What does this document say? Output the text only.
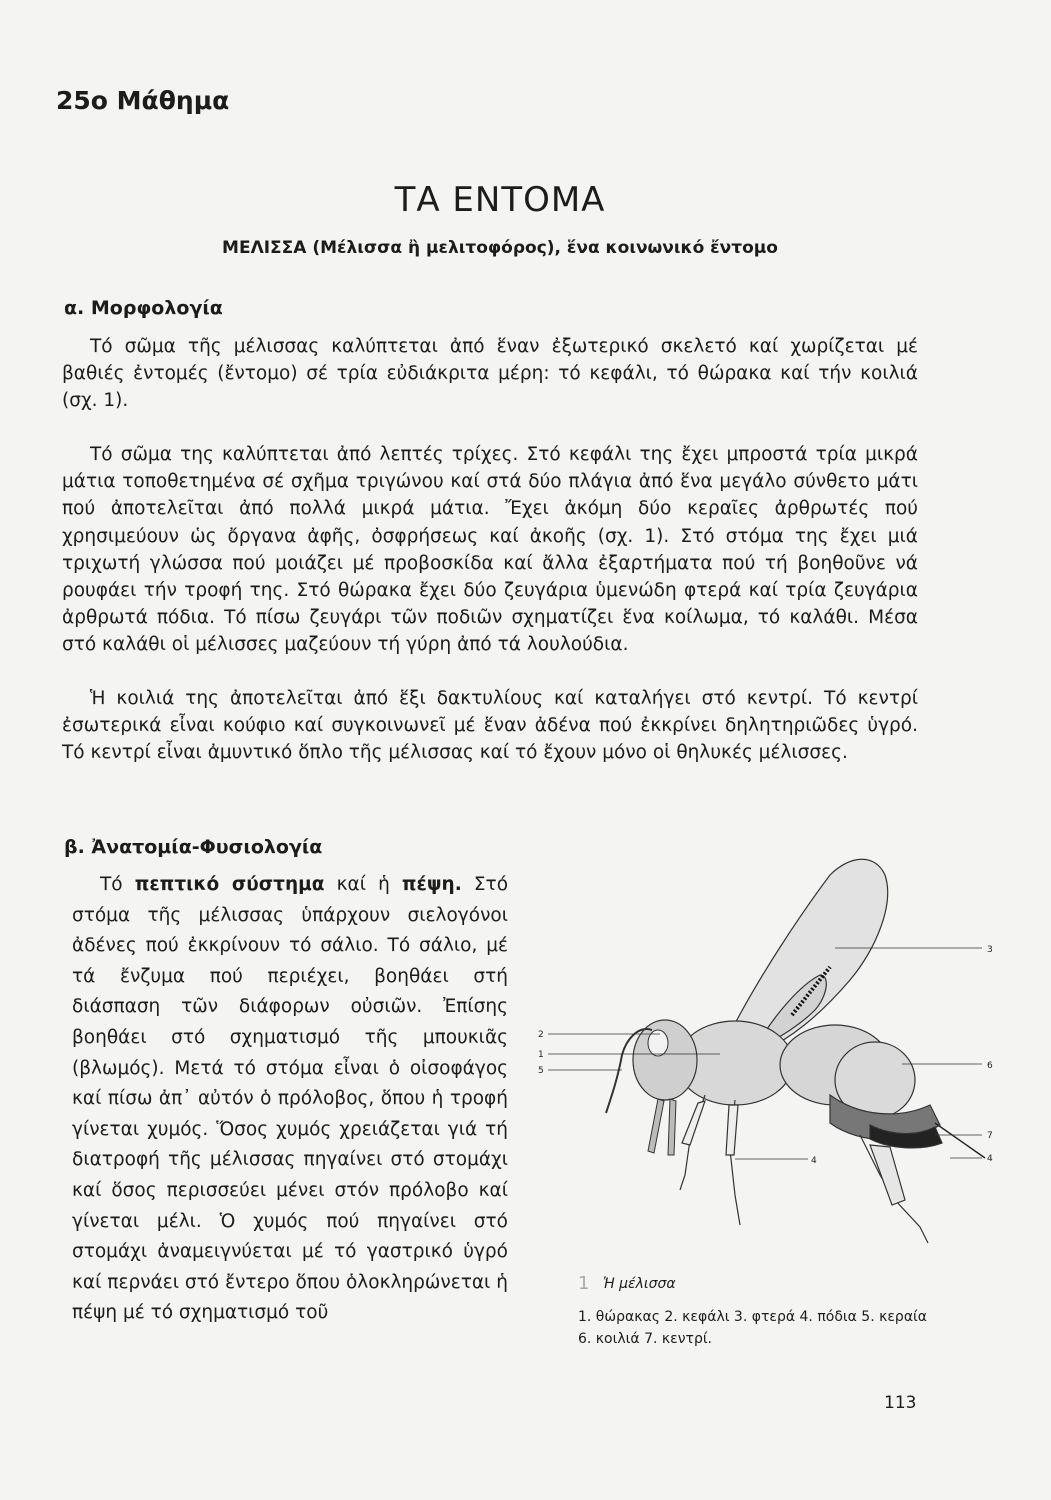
25ο Μάθημα
ΤΑ ΕΝΤΟΜΑ
ΜΕΛΙΣΣΑ (Μέλισσα ἢ μελιτοφόρος), ἕνα κοινωνικό ἔντομο
α. Μορφολογία

Τό σῶμα τῆς μέλισσας καλύπτεται ἀπό ἕναν ἐξωτερικό σκελετό καί χωρίζεται μέ βαθιές ἐντομές (ἔντομο) σέ τρία εὐδιάκριτα μέρη: τό κεφάλι, τό θώρακα καί τήν κοιλιά (σχ. 1).

Τό σῶμα της καλύπτεται ἀπό λεπτές τρίχες. Στό κεφάλι της ἔχει μπροστά τρία μικρά μάτια τοποθετημένα σέ σχῆμα τριγώνου καί στά δύο πλάγια ἀπό ἕνα μεγάλο σύνθετο μάτι πού ἀποτελεῖται ἀπό πολλά μικρά μάτια. Ἔχει ἀκόμη δύο κεραῖες ἀρθρωτές πού χρησιμεύουν ὡς ὄργανα ἀφῆς, ὀσφρήσεως καί ἀκοῆς (σχ. 1). Στό στόμα της ἔχει μιά τριχωτή γλώσσα πού μοιάζει μέ προβοσκίδα καί ἄλλα ἐξαρτήματα πού τή βοηθοῦνε νά ρουφάει τήν τροφή της. Στό θώρακα ἔχει δύο ζευγάρια ὑμενώδη φτερά καί τρία ζευγάρια ἀρθρωτά πόδια. Τό πίσω ζευγάρι τῶν ποδιῶν σχηματίζει ἕνα κοίλωμα, τό καλάθι. Μέσα στό καλάθι οἱ μέλισσες μαζεύουν τή γύρη ἀπό τά λουλούδια.

Ἡ κοιλιά της ἀποτελεῖται ἀπό ἕξι δακτυλίους καί καταλήγει στό κεντρί. Τό κεντρί ἐσωτερικά εἶναι κούφιο καί συγκοινωνεῖ μέ ἕναν ἀδένα πού ἐκκρίνει δηλητηριῶδες ὑγρό. Τό κεντρί εἶναι ἀμυντικό ὅπλο τῆς μέλισσας καί τό ἔχουν μόνο οἱ θηλυκές μέλισσες.

β. Ἀνατομία-Φυσιολογία

Τό πεπτικό σύστημα καί ἡ πέψη. Στό στόμα τῆς μέλισσας ὑπάρχουν σιελογόνοι ἀδένες πού ἐκκρίνουν τό σάλιο. Τό σάλιο, μέ τά ἔνζυμα πού περιέχει, βοηθάει στή διάσπαση τῶν διάφορων οὐσιῶν. Ἐπίσης βοηθάει στό σχηματισμό τῆς μπουκιᾶς (βλωμός). Μετά τό στόμα εἶναι ὁ οἰσοφάγος καί πίσω ἀπ᾽ αὐτόν ὁ πρόλοβος, ὅπου ἡ τροφή γίνεται χυμός. Ὅσος χυμός χρειάζεται γιά τή διατροφή τῆς μέλισσας πηγαίνει στό στομάχι καί ὅσος περισσεύει μένει στόν πρόλοβο καί γίνεται μέλι. Ὁ χυμός πού πηγαίνει στό στομάχι ἀναμειγνύεται μέ τό γαστρικό ὑγρό καί περνάει στό ἔντερο ὅπου ὁλοκληρώνεται ἡ πέψη μέ τό σχηματισμό τοῦ

2
1
5
3
6
7
4
4

1 Ἡ μέλισσα

1. θώρακας 2. κεφάλι 3. φτερά 4. πόδια 5. κεραία 6. κοιλιά 7. κεντρί.

113
